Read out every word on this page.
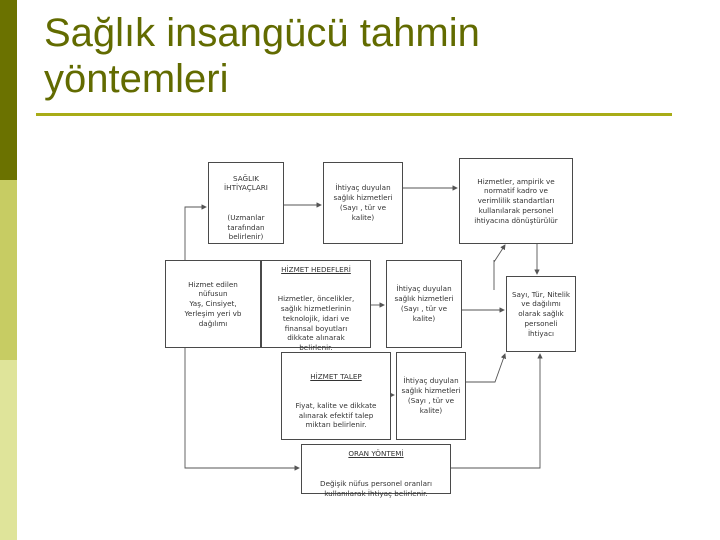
Sağlık insangücü tahmin
yöntemleri

SAĞLIK
İHTİYAÇLARI

(Uzmanlar
tarafından
belirlenir)

İhtiyaç duyulan
sağlık hizmetleri
(Sayı , tür ve
kalite)
Hizmetler, ampirik ve
normatif kadro ve
verimlilik standartları
kullanılarak personel
ihtiyacına dönüştürülür
Hizmet edilen
nüfusun
Yaş, Cinsiyet,
Yerleşim yeri vb
dağılımı

HİZMET HEDEFLERİ

Hizmetler, öncelikler,
sağlık hizmetlerinin
teknolojik, idari ve
finansal boyutları
dikkate alınarak
belirlenir.

İhtiyaç duyulan
sağlık hizmetleri
(Sayı , tür ve
kalite)
Sayı, Tür, Nitelik
ve dağılımı
olarak sağlık
personeli
İhtiyacı

HİZMET TALEP

Fiyat, kalite ve dikkate
alınarak efektif talep
miktarı belirlenir.

İhtiyaç duyulan
sağlık hizmetleri
(Sayı , tür ve
kalite)

ORAN YÖNTEMİ

Değişik nüfus personel oranları
kullanılarak İhtiyaç belirlenir.
